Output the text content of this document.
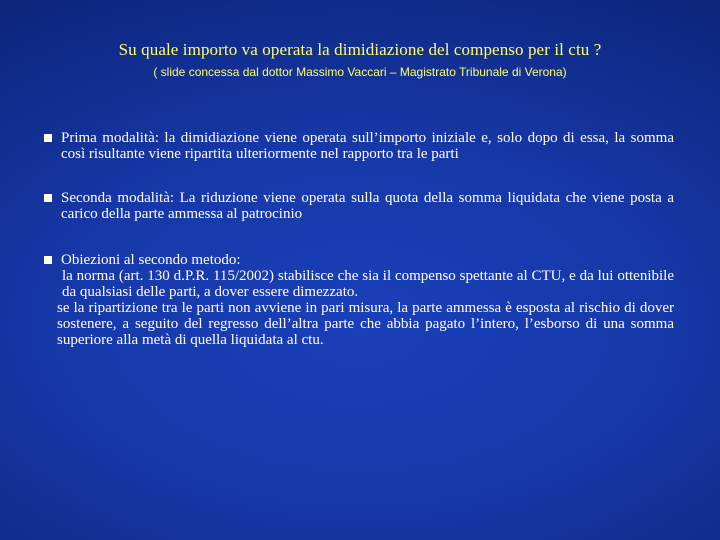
Su quale importo va operata la dimidiazione del compenso per il ctu ?
( slide concessa dal dottor Massimo Vaccari – Magistrato Tribunale di Verona)
Prima modalità: la dimidiazione viene operata sull’importo iniziale e, solo dopo di essa, la somma così risultante viene ripartita ulteriormente nel rapporto tra le parti
Seconda modalità: La riduzione viene operata sulla quota della somma liquidata che viene posta a carico della parte ammessa al patrocinio
Obiezioni al secondo metodo:
la norma (art. 130 d.P.R. 115/2002) stabilisce che sia il compenso spettante al CTU, e da lui ottenibile da qualsiasi delle parti, a dover essere dimezzato.
se la ripartizione tra le parti non avviene in pari misura, la parte ammessa è esposta al rischio di dover sostenere, a seguito del regresso dell’altra parte che abbia pagato l’intero, l’esborso di una somma superiore alla metà di quella liquidata al ctu.
